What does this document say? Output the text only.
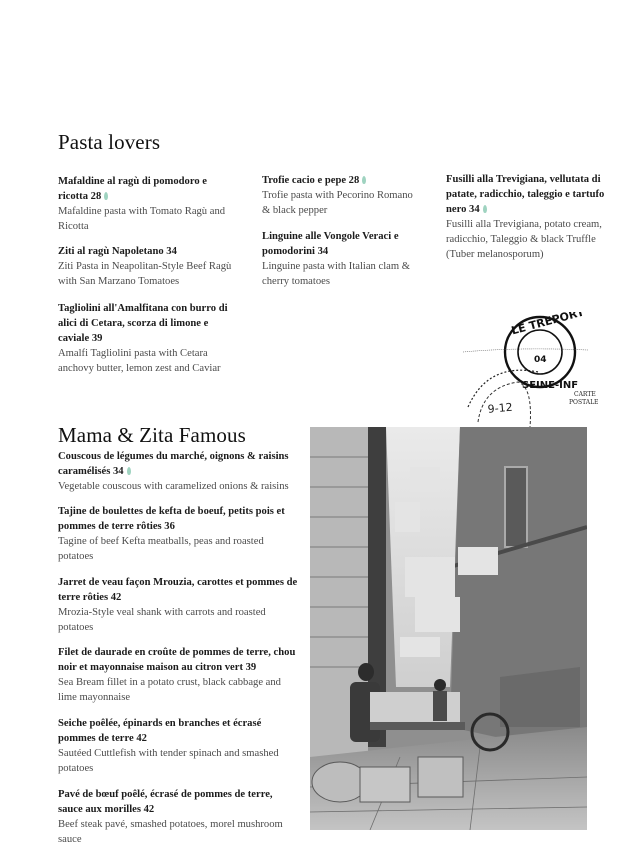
Pasta lovers
Mafaldine al ragù di pomodoro e ricotta 28
Mafaldine pasta with Tomato Ragù and Ricotta
Ziti al ragù Napoletano 34
Ziti Pasta in Neapolitan-Style Beef Ragù with San Marzano Tomatoes
Tagliolini all'Amalfitana con burro di alici di Cetara, scorza di limone e caviale 39
Amalfi Tagliolini pasta with Cetara anchovy butter, lemon zest and Caviar
Trofie cacio e pepe 28
Trofie pasta with Pecorino Romano & black pepper
Linguine alle Vongole Veraci e pomodorini 34
Linguine pasta with Italian clam & cherry tomatoes
Fusilli alla Trevigiana, vellutata di patate, radicchio, taleggio e tartufo nero 34
Fusilli alla Trevigiana, potato cream, radicchio, Taleggio & black Truffle (Tuber melanosporum)
LE TREPORT
SEINE-INF
04
9-12
CARTE
POSTALE
Mama & Zita Famous
Couscous de légumes du marché, oignons & raisins caramélisés 34
Vegetable couscous with caramelized onions & raisins
Tajine de boulettes de kefta de boeuf, petits pois et pommes de terre rôties 36
Tagine of beef Kefta meatballs, peas and roasted potatoes
Jarret de veau façon Mrouzia, carottes et pommes de terre rôties 42
Mrozia-Style veal shank with carrots and roasted potatoes
Filet de daurade en croûte de pommes de terre, chou noir et mayonnaise maison au citron vert 39
Sea Bream fillet in a potato crust, black cabbage and lime mayonnaise
Seiche poêlée, épinards en branches et écrasé pommes de terre 42
Sautéed Cuttlefish with tender spinach and smashed potatoes
Pavé de bœuf poêlé, écrasé de pommes de terre, sauce aux morilles 42
Beef steak pavé, smashed potatoes, morel mushroom sauce
